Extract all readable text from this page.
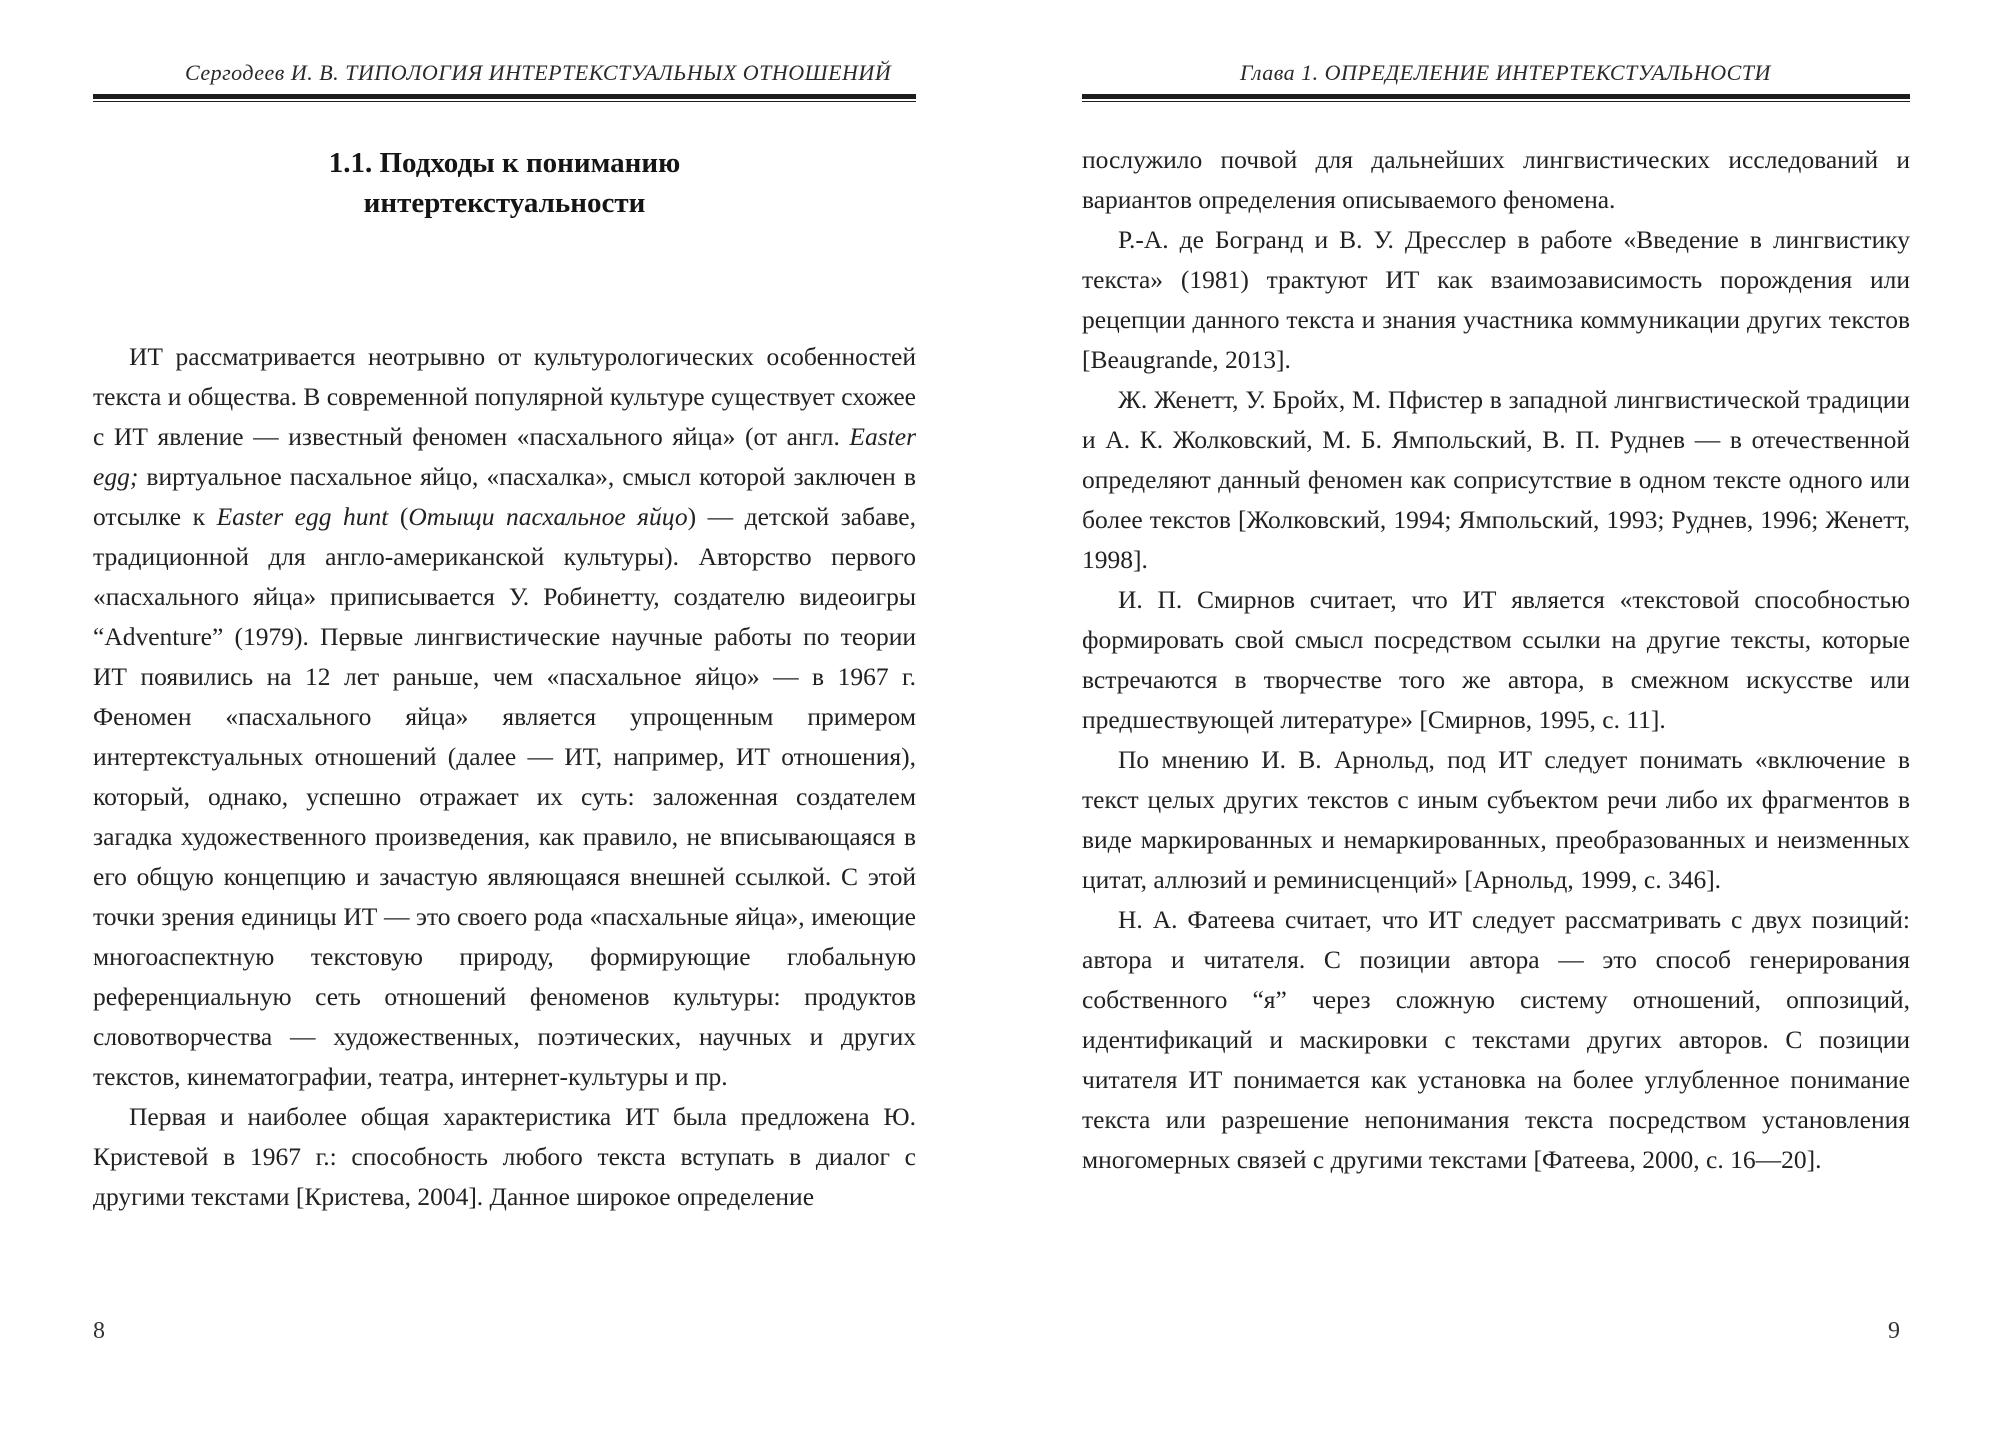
Сергодеев И. В. ТИПОЛОГИЯ ИНТЕРТЕКСТУАЛЬНЫХ ОТНОШЕНИЙ
1.1. Подходы к пониманию
интертекстуальности

ИТ рассматривается неотрывно от культурологических особенностей текста и общества. В современной популярной культуре существует схожее с ИТ явление — известный феномен «пасхального яйца» (от англ. Easter egg; виртуальное пасхальное яйцо, «пасхалка», смысл которой заключен в отсылке к Easter egg hunt (Отыщи пасхальное яйцо) — детской забаве, традиционной для англо-американской культуры). Авторство первого «пасхального яйца» приписывается У. Робинетту, создателю видеоигры “Adventure” (1979). Первые лингвистические научные работы по теории ИТ появились на 12 лет раньше, чем «пасхальное яйцо» — в 1967 г. Феномен «пасхального яйца» является упрощенным примером интертекстуальных отношений (далее — ИТ, например, ИТ отношения), который, однако, успешно отражает их суть: заложенная создателем загадка художественного произведения, как правило, не вписывающаяся в его общую концепцию и зачастую являющаяся внешней ссылкой. С этой точки зрения единицы ИТ — это своего рода «пасхальные яйца», имеющие многоаспектную текстовую природу, формирующие глобальную референциальную сеть отношений феноменов культуры: продуктов словотворчества — художественных, поэтических, научных и других текстов, кинематографии, театра, интернет-культуры и пр.

Первая и наиболее общая характеристика ИТ была предложена Ю. Кристевой в 1967 г.: способность любого текста вступать в диалог с другими текстами [Кристева, 2004]. Данное широкое определение

8
Глава 1. ОПРЕДЕЛЕНИЕ ИНТЕРТЕКСТУАЛЬНОСТИ

послужило почвой для дальнейших лингвистических исследований и вариантов определения описываемого феномена.

Р.-А. де Богранд и В. У. Дресслер в работе «Введение в лингвистику текста» (1981) трактуют ИТ как взаимозависимость порождения или рецепции данного текста и знания участника коммуникации других текстов [Beaugrande, 2013].

Ж. Женетт, У. Бройх, М. Пфистер в западной лингвистической традиции и А. К. Жолковский, М. Б. Ямпольский, В. П. Руднев — в отечественной определяют данный феномен как соприсутствие в одном тексте одного или более текстов [Жолковский, 1994; Ямпольский, 1993; Руднев, 1996; Женетт, 1998].

И. П. Смирнов считает, что ИТ является «текстовой способностью формировать свой смысл посредством ссылки на другие тексты, которые встречаются в творчестве того же автора, в смежном искусстве или предшествующей литературе» [Смирнов, 1995, с. 11].

По мнению И. В. Арнольд, под ИТ следует понимать «включение в текст целых других текстов с иным субъектом речи либо их фрагментов в виде маркированных и немаркированных, преобразованных и неизменных цитат, аллюзий и реминисценций» [Арнольд, 1999, с. 346].

Н. А. Фатеева считает, что ИТ следует рассматривать с двух позиций: автора и читателя. С позиции автора — это способ генерирования собственного “я” через сложную систему отношений, оппозиций, идентификаций и маскировки с текстами других авторов. С позиции читателя ИТ понимается как установка на более углубленное понимание текста или разрешение непонимания текста посредством установления многомерных связей с другими текстами [Фатеева, 2000, с. 16—20].

9
